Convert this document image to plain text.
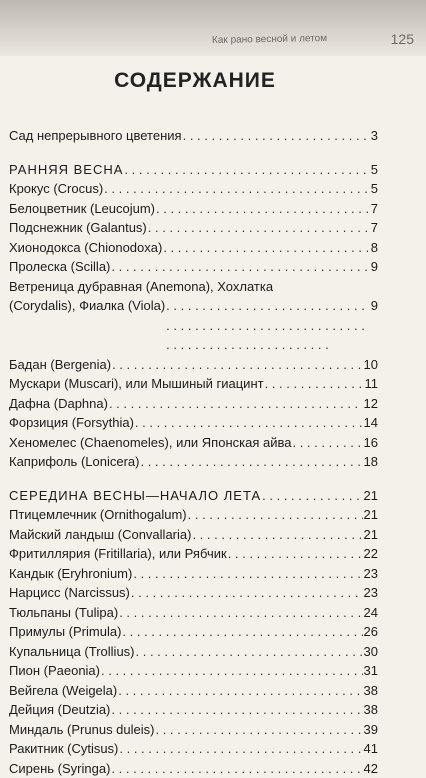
Как рано весной и летом	125
СОДЕРЖАНИЕ
Сад непрерывного цветения . . .	3
РАННЯЯ ВЕСНА . . .	5
Крокус (Crocus) . . .	5
Белоцветник (Leucojum) . . .	7
Подснежник (Galantus) . . .	7
Хионодокса (Chionodoxa) . . .	8
Пролеска (Scilla) . . .	9
Ветреница дубравная (Anemona), Хохлатка
(Corydalis), Фиалка (Viola) . . .	9
Бадан (Bergenia) . . .	10
Мускари (Muscari), или Мышиный гиацинт . . .	11
Дафна (Daphna) . . .	12
Форзиция (Forsythia) . . .	14
Хеномелес (Chaenomeles), или Японская айва . . .	16
Каприфоль (Lonicera) . . .	18
СЕРЕДИНА ВЕСНЫ—НАЧАЛО ЛЕТА . . .	21
Птицемлечник (Ornithogalum) . . .	21
Майский ландыш (Convallaria) . . .	21
Фритиллярия (Fritillaria), или Рябчик . . .	22
Кандык (Eryhronium) . . .	23
Нарцисс (Narcissus) . . .	23
Тюльпаны (Tulipa) . . .	24
Примулы (Primula) . . .	26
Купальница (Trollius) . . .	30
Пион (Paeonia) . . .	31
Вейгела (Weigela) . . .	38
Дейция (Deutzia) . . .	38
Миндаль (Prunus duleis) . . .	39
Ракитник (Cytisus) . . .	41
Сирень (Syringa) . . .	42
